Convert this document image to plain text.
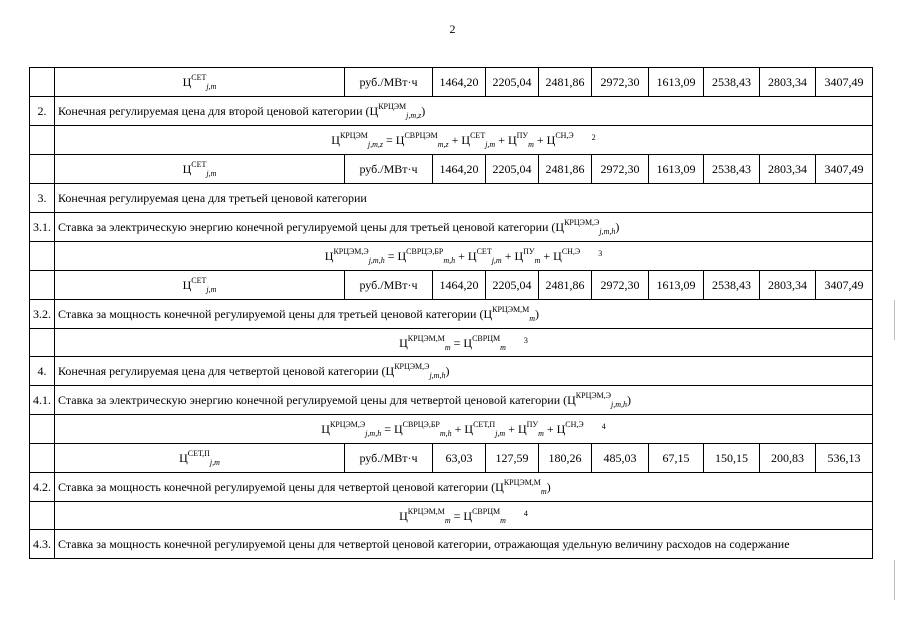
2
	$Ц^{СЕТ}_{j,m}$	руб./МВт·ч	1464,20	2205,04	2481,86	2972,30	1613,09	2538,43	2803,34	3407,49
2.	Конечная регулируемая цена для второй ценовой категории $(Ц^{КРЦЭМ}_{j,m,z})$									
	$Ц^{КРЦЭМ}_{j,m,z} = Ц^{СВРЦЭМ}_{m,z} + Ц^{СЕТ}_{j,m} + Ц^{ПУ}_m + Ц^{СН,Э}$ $^2$
	$Ц^{СЕТ}_{j,m}$	руб./МВт·ч	1464,20	2205,04	2481,86	2972,30	1613,09	2538,43	2803,34	3407,49
3.	Конечная регулируемая цена для третьей ценовой категории									
3.1.	Ставка за электрическую энергию конечной регулируемой цены для третьей ценовой категории $(Ц^{КРЦЭМ,Э}_{j,m,h})$									
	$Ц^{КРЦЭМ,Э}_{j,m,h} = Ц^{СВРЦЭ,БР}_{m,h} + Ц^{СЕТ}_{j,m} + Ц^{ПУ}_m + Ц^{СН,Э}$ $^3$
	$Ц^{СЕТ}_{j,m}$	руб./МВт·ч	1464,20	2205,04	2481,86	2972,30	1613,09	2538,43	2803,34	3407,49
3.2.	Ставка за мощность конечной регулируемой цены для третьей ценовой категории $(Ц^{КРЦЭМ,М}_m)$									
	$Ц^{КРЦЭМ,М}_m = Ц^{СВРЦМ}_m^3$
4.	Конечная регулируемая цена для четвертой ценовой категории $(Ц^{КРЦЭМ,Э}_{j,m,h})$									
4.1.	Ставка за электрическую энергию конечной регулируемой цены для четвертой ценовой категории $(Ц^{КРЦЭМ,Э}_{j,m,h})$									
	$Ц^{КРЦЭМ,Э}_{j,m,h} = Ц^{СВРЦЭ,БР}_{m,h} + Ц^{СЕТ,П}_{j,m} + Ц^{ПУ}_m + Ц^{СН,Э}$ $^4$
	$Ц^{СЕТ,П}_{j,m}$	руб./МВт·ч	63,03	127,59	180,26	485,03	67,15	150,15	200,83	536,13
4.2.	Ставка за мощность конечной регулируемой цены для четвертой ценовой категории $(Ц^{КРЦЭМ,М}_m)$									
	$Ц^{КРЦЭМ,М}_m = Ц^{СВРЦМ}_m^4$
4.3.	Ставка за мощность конечной регулируемой цены для четвертой ценовой категории, отражающая удельную величину расходов на содержание									
